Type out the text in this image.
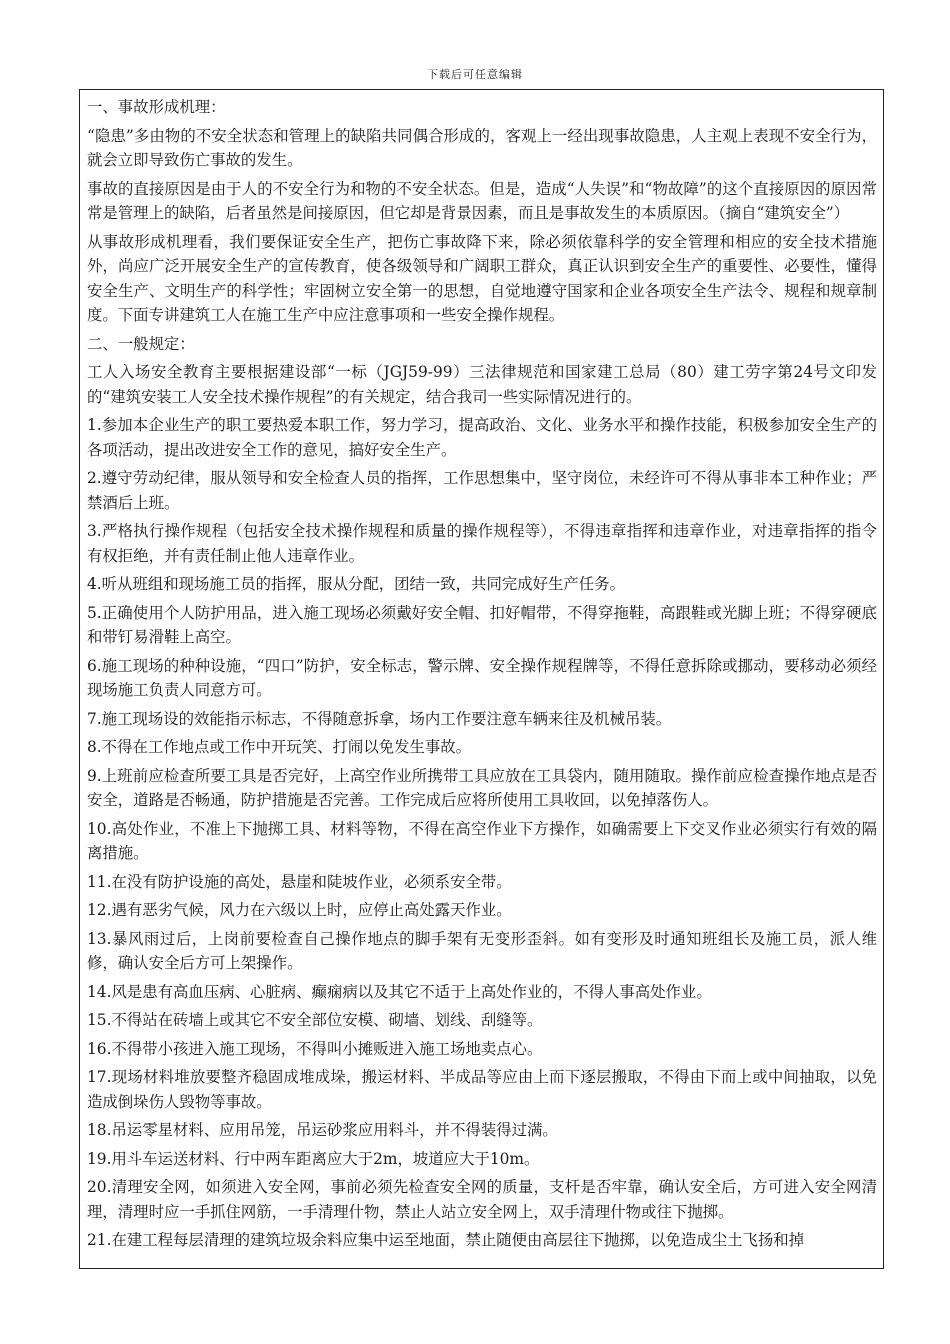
下载后可任意编辑

一、事故形成机理：

“隐患”多由物的不安全状态和管理上的缺陷共同偶合形成的，客观上一经出现事故隐患，人主观上表现不安全行为，就会立即导致伤亡事故的发生。

事故的直接原因是由于人的不安全行为和物的不安全状态。但是，造成“人失误”和“物故障”的这个直接原因的原因常常是管理上的缺陷，后者虽然是间接原因，但它却是背景因素，而且是事故发生的本质原因。（摘自“建筑安全”）

从事故形成机理看，我们要保证安全生产，把伤亡事故降下来，除必须依靠科学的安全管理和相应的安全技术措施外，尚应广泛开展安全生产的宣传教育，使各级领导和广阔职工群众，真正认识到安全生产的重要性、必要性，懂得安全生产、文明生产的科学性；牢固树立安全第一的思想，自觉地遵守国家和企业各项安全生产法令、规程和规章制度。下面专讲建筑工人在施工生产中应注意事项和一些安全操作规程。

二、一般规定：

工人入场安全教育主要根据建设部“一标（JGJ59-99）三法律规范和国家建工总局（80）建工劳字第24号文印发的“建筑安装工人安全技术操作规程”的有关规定，结合我司一些实际情况进行的。

1.参加本企业生产的职工要热爱本职工作，努力学习，提高政治、文化、业务水平和操作技能，积极参加安全生产的各项活动，提出改进安全工作的意见，搞好安全生产。

2.遵守劳动纪律，服从领导和安全检查人员的指挥，工作思想集中，坚守岗位，未经许可不得从事非本工种作业；严禁酒后上班。

3.严格执行操作规程（包括安全技术操作规程和质量的操作规程等），不得违章指挥和违章作业，对违章指挥的指令有权拒绝，并有责任制止他人违章作业。

4.听从班组和现场施工员的指挥，服从分配，团结一致，共同完成好生产任务。

5.正确使用个人防护用品，进入施工现场必须戴好安全帽、扣好帽带，不得穿拖鞋，高跟鞋或光脚上班；不得穿硬底和带钉易滑鞋上高空。

6.施工现场的种种设施，“四口”防护，安全标志，警示牌、安全操作规程牌等，不得任意拆除或挪动，要移动必须经现场施工负责人同意方可。

7.施工现场设的效能指示标志，不得随意拆拿，场内工作要注意车辆来往及机械吊装。

8.不得在工作地点或工作中开玩笑、打闹以免发生事故。

9.上班前应检查所要工具是否完好，上高空作业所携带工具应放在工具袋内，随用随取。操作前应检查操作地点是否安全，道路是否畅通，防护措施是否完善。工作完成后应将所使用工具收回，以免掉落伤人。

10.高处作业，不准上下抛掷工具、材料等物，不得在高空作业下方操作，如确需要上下交叉作业必须实行有效的隔离措施。

11.在没有防护设施的高处，悬崖和陡坡作业，必须系安全带。

12.遇有恶劣气候，风力在六级以上时，应停止高处露天作业。

13.暴风雨过后，上岗前要检查自己操作地点的脚手架有无变形歪斜。如有变形及时通知班组长及施工员，派人维修，确认安全后方可上架操作。

14.风是患有高血压病、心脏病、癫痫病以及其它不适于上高处作业的，不得人事高处作业。

15.不得站在砖墙上或其它不安全部位安模、砌墙、划线、刮缝等。

16.不得带小孩进入施工现场，不得叫小摊贩进入施工场地卖点心。

17.现场材料堆放要整齐稳固成堆成垛，搬运材料、半成品等应由上而下逐层搬取，不得由下而上或中间抽取，以免造成倒垛伤人毁物等事故。

18.吊运零星材料、应用吊笼，吊运砂浆应用料斗，并不得装得过满。

19.用斗车运送材料、行中两车距离应大于2m，坡道应大于10m。

20.清理安全网，如须进入安全网，事前必须先检查安全网的质量，支杆是否牢靠，确认安全后，方可进入安全网清理，清理时应一手抓住网筋，一手清理什物，禁止人站立安全网上，双手清理什物或往下抛掷。

21.在建工程每层清理的建筑垃圾余料应集中运至地面，禁止随便由高层往下抛掷，以免造成尘土飞扬和掉
